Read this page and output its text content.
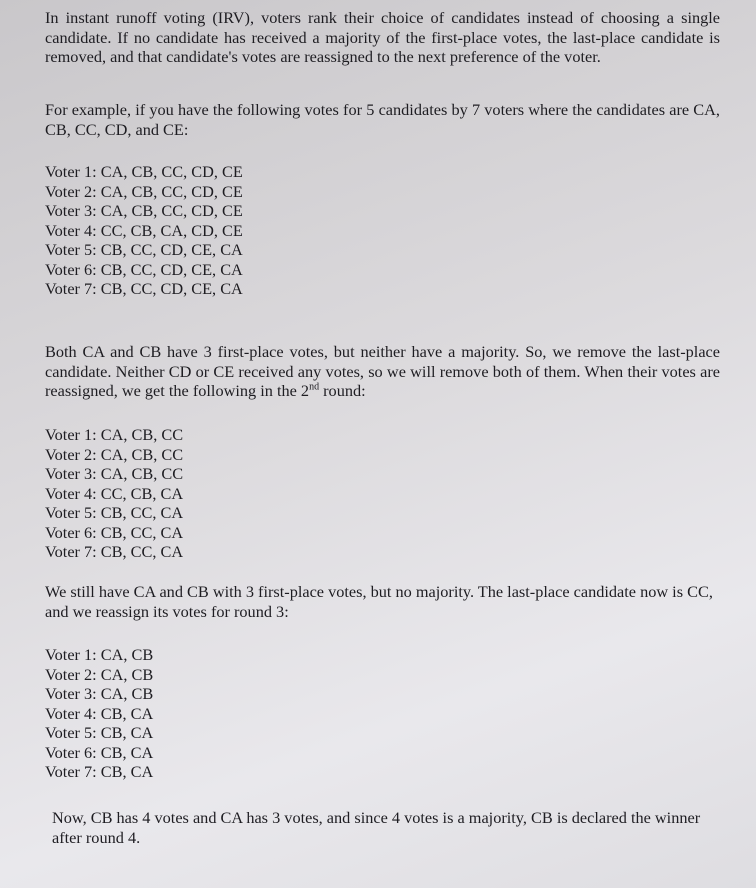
In instant runoff voting (IRV), voters rank their choice of candidates instead of choosing a single candidate. If no candidate has received a majority of the first-place votes, the last-place candidate is removed, and that candidate's votes are reassigned to the next preference of the voter.
For example, if you have the following votes for 5 candidates by 7 voters where the candidates are CA, CB, CC, CD, and CE:
Voter 1: CA, CB, CC, CD, CE
Voter 2: CA, CB, CC, CD, CE
Voter 3: CA, CB, CC, CD, CE
Voter 4: CC, CB, CA, CD, CE
Voter 5: CB, CC, CD, CE, CA
Voter 6: CB, CC, CD, CE, CA
Voter 7: CB, CC, CD, CE, CA
Both CA and CB have 3 first-place votes, but neither have a majority. So, we remove the last-place candidate. Neither CD or CE received any votes, so we will remove both of them. When their votes are reassigned, we get the following in the 2nd round:
Voter 1: CA, CB, CC
Voter 2: CA, CB, CC
Voter 3: CA, CB, CC
Voter 4: CC, CB, CA
Voter 5: CB, CC, CA
Voter 6: CB, CC, CA
Voter 7: CB, CC, CA
We still have CA and CB with 3 first-place votes, but no majority. The last-place candidate now is CC, and we reassign its votes for round 3:
Voter 1: CA, CB
Voter 2: CA, CB
Voter 3: CA, CB
Voter 4: CB, CA
Voter 5: CB, CA
Voter 6: CB, CA
Voter 7: CB, CA
Now, CB has 4 votes and CA has 3 votes, and since 4 votes is a majority, CB is declared the winner after round 4.
